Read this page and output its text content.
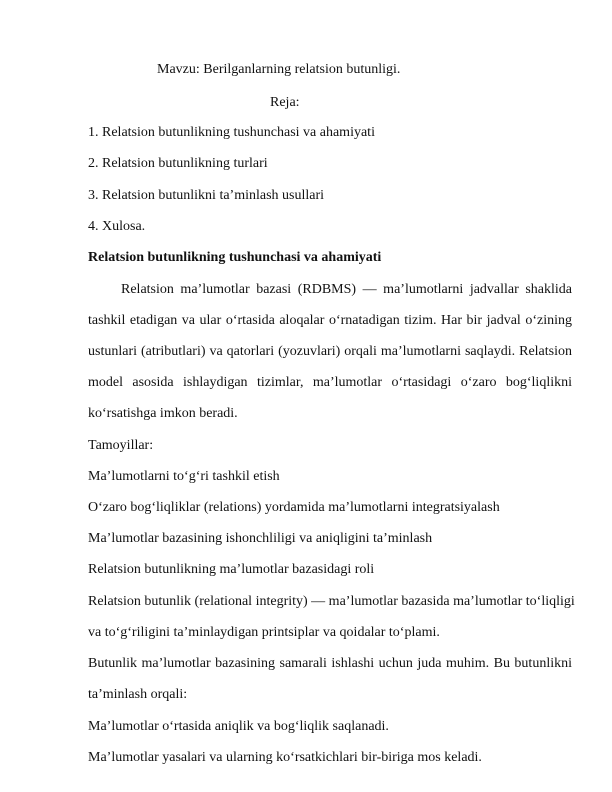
Mavzu: Berilganlarning relatsion butunligi.
Reja:
1. Relatsion butunlikning tushunchasi va ahamiyati
2. Relatsion butunlikning turlari
3. Relatsion butunlikni ta’minlash usullari
4. Xulosa.
Relatsion butunlikning tushunchasi va ahamiyati
Relatsion ma’lumotlar bazasi (RDBMS) — ma’lumotlarni jadvallar shaklida
tashkil etadigan va ular o‘rtasida aloqalar o‘rnatadigan tizim. Har bir jadval o‘zining
ustunlari (atributlari) va qatorlari (yozuvlari) orqali ma’lumotlarni saqlaydi. Relatsion
model asosida ishlaydigan tizimlar, ma’lumotlar o‘rtasidagi o‘zaro bog‘liqlikni
ko‘rsatishga imkon beradi.
Tamoyillar:
Ma’lumotlarni to‘g‘ri tashkil etish
O‘zaro bog‘liqliklar (relations) yordamida ma’lumotlarni integratsiyalash
Ma’lumotlar bazasining ishonchliligi va aniqligini ta’minlash
Relatsion butunlikning ma’lumotlar bazasidagi roli
Relatsion butunlik (relational integrity) — ma’lumotlar bazasida ma’lumotlar to‘liqligi
va to‘g‘riligini ta’minlaydigan printsiplar va qoidalar to‘plami.
Butunlik ma’lumotlar bazasining samarali ishlashi uchun juda muhim. Bu butunlikni
ta’minlash orqali:
Ma’lumotlar o‘rtasida aniqlik va bog‘liqlik saqlanadi.
Ma’lumotlar yasalari va ularning ko‘rsatkichlari bir-biriga mos keladi.
